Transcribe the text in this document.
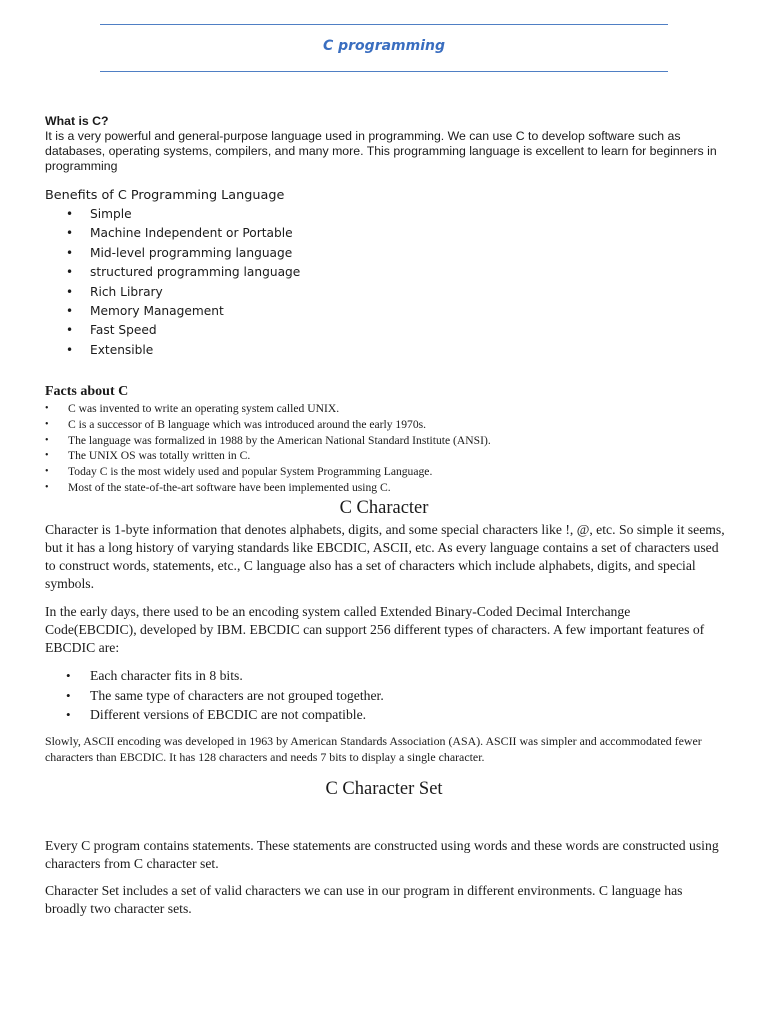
C programming
What is C?

It is a very powerful and general-purpose language used in programming. We can use C to develop software such as databases, operating systems, compilers, and many more. This programming language is excellent to learn for beginners in programming

Benefits of C Programming Language

• Simple
• Machine Independent or Portable
• Mid-level programming language
• structured programming language
• Rich Library
• Memory Management
• Fast Speed
• Extensible
Facts about C
• C was invented to write an operating system called UNIX.
• C is a successor of B language which was introduced around the early 1970s.
• The language was formalized in 1988 by the American National Standard Institute (ANSI).
• The UNIX OS was totally written in C.
• Today C is the most widely used and popular System Programming Language.
• Most of the state-of-the-art software have been implemented using C.
C Character

Character is 1-byte information that denotes alphabets, digits, and some special characters like !, @, etc. So simple it seems, but it has a long history of varying standards like EBCDIC, ASCII, etc. As every language contains a set of characters used to construct words, statements, etc., C language also has a set of characters which include alphabets, digits, and special symbols.

In the early days, there used to be an encoding system called Extended Binary-Coded Decimal Interchange Code(EBCDIC), developed by IBM. EBCDIC can support 256 different types of characters. A few important features of EBCDIC are:

• Each character fits in 8 bits.
• The same type of characters are not grouped together.
• Different versions of EBCDIC are not compatible.

Slowly, ASCII encoding was developed in 1963 by American Standards Association (ASA). ASCII was simpler and accommodated fewer characters than EBCDIC. It has 128 characters and needs 7 bits to display a single character.

C Character Set

Every C program contains statements. These statements are constructed using words and these words are constructed using characters from C character set.

Character Set includes a set of valid characters we can use in our program in different environments. C language has broadly two character sets.
